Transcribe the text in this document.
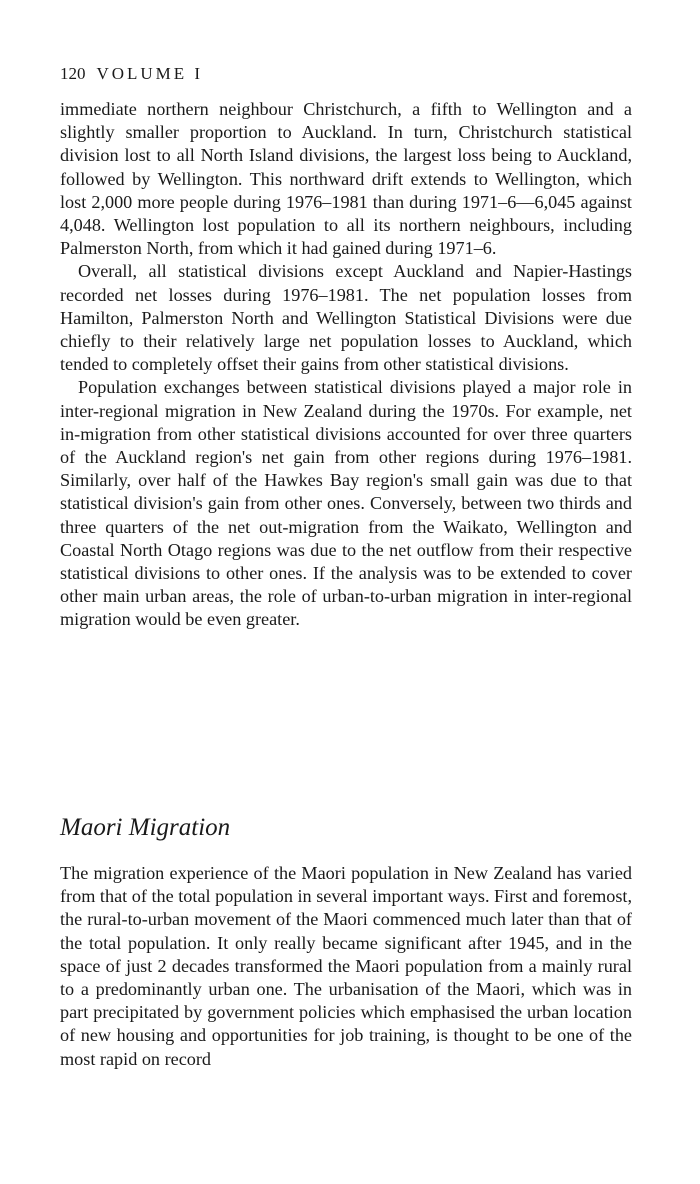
120 VOLUME I

immediate northern neighbour Christchurch, a fifth to Wellington and a slightly smaller proportion to Auckland. In turn, Christchurch statistical division lost to all North Island divisions, the largest loss being to Auckland, followed by Wellington. This northward drift extends to Wellington, which lost 2,000 more people during 1976–1981 than during 1971–6—6,045 against 4,048. Wellington lost population to all its northern neighbours, including Palmerston North, from which it had gained during 1971–6.

Overall, all statistical divisions except Auckland and Napier-Hastings recorded net losses during 1976–1981. The net population losses from Hamilton, Palmerston North and Wellington Statistical Divisions were due chiefly to their relatively large net population losses to Auckland, which tended to completely offset their gains from other statistical divisions.

Population exchanges between statistical divisions played a major role in inter-regional migration in New Zealand during the 1970s. For example, net in-migration from other statistical divisions accounted for over three quarters of the Auckland region's net gain from other regions during 1976–1981. Similarly, over half of the Hawkes Bay region's small gain was due to that statistical division's gain from other ones. Conversely, between two thirds and three quarters of the net out-migration from the Waikato, Wellington and Coastal North Otago regions was due to the net outflow from their respective statistical divisions to other ones. If the analysis was to be extended to cover other main urban areas, the role of urban-to-urban migration in inter-regional migration would be even greater.

Maori Migration

The migration experience of the Maori population in New Zealand has varied from that of the total population in several important ways. First and foremost, the rural-to-urban movement of the Maori commenced much later than that of the total population. It only really became significant after 1945, and in the space of just 2 decades transformed the Maori population from a mainly rural to a predominantly urban one. The urbanisation of the Maori, which was in part precipitated by government policies which emphasised the urban location of new housing and opportunities for job training, is thought to be one of the most rapid on record
